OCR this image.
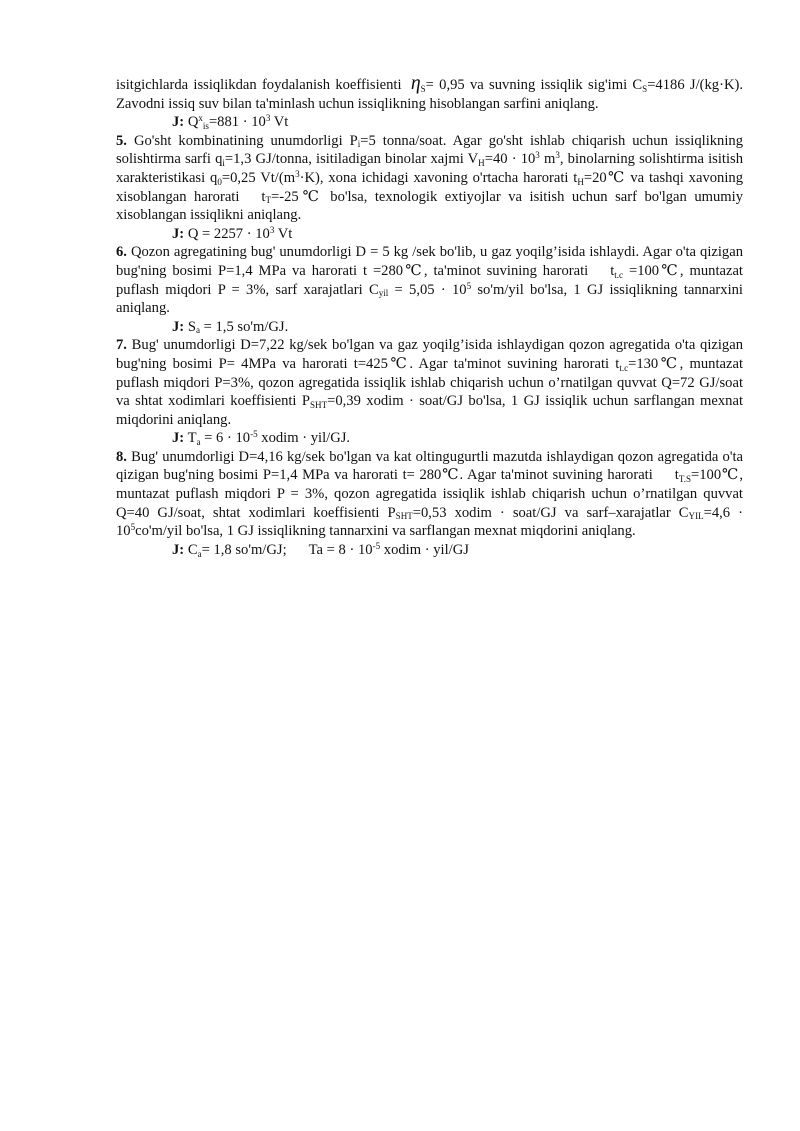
isitgichlarda issiqlikdan foydalanish koeffisienti $\eta_S= 0,95$ va suvning issiqlik sig'imi $C_S=4186$ J/(kg·K). Zavodni issiq suv bilan ta'minlash uchun issiqlikning hisoblangan sarfini aniqlang.

J: $Q^x_{is}=881 \cdot 10^3$ Vt

5. Go'sht kombinatining unumdorligi $P_i=5$ tonna/soat. Agar go'sht ishlab chiqarish uchun issiqlikning solishtirma sarfi $q_i=1,3$ GJ/tonna, isitiladigan binolar xajmi $V_H=40 \cdot 10^3$ $m^3$, binolarning solishtirma isitish xarakteristikasi $q_0=0,25$ $Vt/(m^3\cdot K)$, xona ichidagi xavoning o'rtacha harorati $t_H=20℃$ va tashqi xavoning xisoblangan harorati $t_T=-25℃$ bo'lsa, texnologik extiyojlar va isitish uchun sarf bo'lgan umumiy xisoblangan issiqlikni aniqlang.

J: $Q = 2257 \cdot 10^3$ Vt

6. Qozon agregatining bug' unumdorligi D = 5 kg /sek bo'lib, u gaz yoqilg’isida ishlaydi. Agar o'ta qizigan bug'ning bosimi P=1,4 MPa va harorati t =280℃, ta'minot suvining harorati $t_{t.c}$ =100℃, muntazat puflash miqdori P = 3%, sarf xarajatlari $C_{yil} = 5,05 \cdot 10^5$ so'm/yil bo'lsa, 1 GJ issiqlikning tannarxini aniqlang.

J: $S_a = 1,5$ so'm/GJ.

7. Bug' unumdorligi D=7,22 kg/sek bo'lgan va gaz yoqilg’isida ishlaydigan qozon agregatida o'ta qizigan bug'ning bosimi P= 4MPa va harorati t=425℃. Agar ta'minot suvining harorati $t_{t.c}=130℃$, muntazat puflash miqdori P=3%, qozon agregatida issiqlik ishlab chiqarish uchun o’rnatilgan quvvat Q=72 GJ/soat va shtat xodimlari koeffisienti $P_{SHT}=0,39$ xodim · soat/GJ bo'lsa, 1 GJ issiqlik uchun sarflangan mexnat miqdorini aniqlang.

J: $T_a = 6 \cdot 10^{-5}$ xodim · yil/GJ.

8. Bug' unumdorligi D=4,16 kg/sek bo'lgan va kat oltingugurtli mazutda ishlaydigan qozon agregatida o'ta qizigan bug'ning bosimi P=1,4 MPa va harorati t= 280℃. Agar ta'minot suvining harorati $t_{T.S}=100℃$, muntazat puflash miqdori P = 3%, qozon agregatida issiqlik ishlab chiqarish uchun o’rnatilgan quvvat Q=40 GJ/soat, shtat xodimlari koeffisienti $P_{SHT}=0,53$ xodim · soat/GJ va sarf–xarajatlar $C_{YIL}=4,6 \cdot 10^5co'm/yil$ bo'lsa, 1 GJ issiqlikning tannarxini va sarflangan mexnat miqdorini aniqlang.

J: $C_a= 1,8$ so'm/GJ; $Ta = 8 \cdot 10^{-5}$ xodim · yil/GJ
